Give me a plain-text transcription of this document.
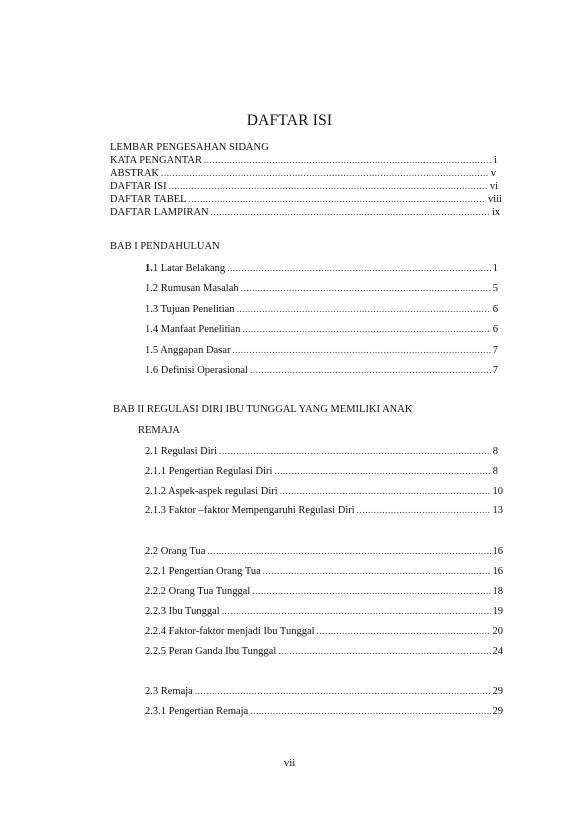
DAFTAR ISI
LEMBAR PENGESAHAN SIDANG
KATA PENGANTAR .....	i
ABSTRAK .....	v
DAFTAR ISI .....	vi
DAFTAR TABEL .....	viii
DAFTAR LAMPIRAN .....	ix
BAB I PENDAHULUAN
1.1 Latar Belakang .....	1
1.2 Rumusan Masalah .....	5
1.3 Tujuan Penelitian .....	6
1.4 Manfaat Penelitian .....	6
1.5 Anggapan Dasar .....	7
1.6 Definisi Operasional .....	7
BAB II REGULASI DIRI IBU TUNGGAL YANG MEMILIKI ANAK
REMAJA
2.1 Regulasi Diri .....	8
2.1.1 Pengertian Regulasi Diri .....	8
2.1.2 Aspek-aspek regulasi Diri .....	10
2.1.3 Faktor –faktor Mempengaruhi Regulasi Diri .....	13
2.2 Orang Tua .....	16
2.2.1 Pengertian Orang Tua .....	16
2.2.2 Orang Tua Tunggal .....	18
2.2.3 Ibu Tunggal .....	19
2.2.4 Faktor-faktor menjadi Ibu Tunggal .....	20
2.2.5 Peran Ganda Ibu Tunggal .....	24
2.3 Remaja .....	29
2.3.1 Pengertian Remaja .....	29
vii
